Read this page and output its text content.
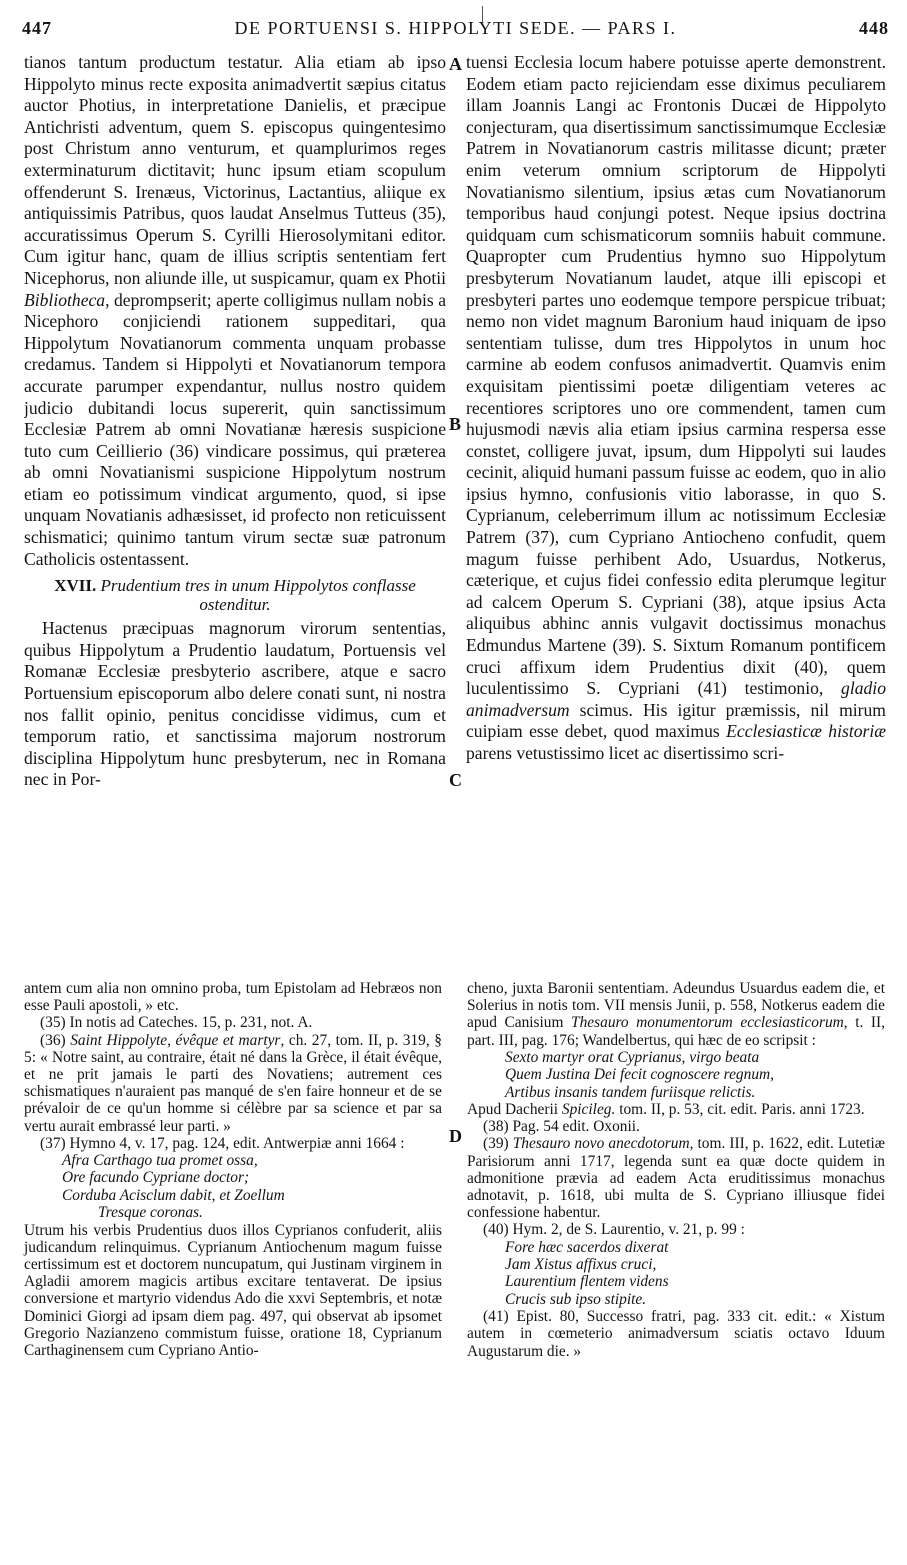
447	DE PORTUENSI S. HIPPOLYTI SEDE. — PARS I.	448

tianos tantum productum testatur. Alia etiam ab ipso Hippolyto minus recte exposita animadvertit sæpius citatus auctor Photius, in interpretatione Danielis, et præcipue Antichristi adventum, quem S. episcopus quingentesimo post Christum anno venturum, et quamplurimos reges exterminaturum dictitavit; hunc ipsum etiam scopulum offenderunt S. Irenæus, Victorinus, Lactantius, aliique ex antiquissimis Patribus, quos laudat Anselmus Tutteus (35), accuratissimus Operum S. Cyrilli Hierosolymitani editor. Cum igitur hanc, quam de illius scriptis sententiam fert Nicephorus, non aliunde ille, ut suspicamur, quam ex Photii Bibliotheca, deprompserit; aperte colligimus nullam nobis a Nicephoro conjiciendi rationem suppeditari, qua Hippolytum Novatianorum commenta unquam probasse credamus. Tandem si Hippolyti et Novatianorum tempora accurate parumper expendantur, nullus nostro quidem judicio dubitandi locus supererit, quin sanctissimum Ecclesiæ Patrem ab omni Novatianæ hæresis suspicione tuto cum Ceillierio (36) vindicare possimus, qui præterea ab omni Novatianismi suspicione Hippolytum nostrum etiam eo potissimum vindicat argumento, quod, si ipse unquam Novatianis adhæsisset, id profecto non reticuissent schismatici; quinimo tantum virum sectæ suæ patronum Catholicis ostentassent.

XVII. Prudentium tres in unum Hippolytos conflasse ostenditur.

Hactenus præcipuas magnorum virorum sententias, quibus Hippolytum a Prudentio laudatum, Portuensis vel Romanæ Ecclesiæ presbyterio ascribere, atque e sacro Portuensium episcoporum albo delere conati sunt, ni nostra nos fallit opinio, penitus concidisse vidimus, cum et temporum ratio, et sanctissima majorum nostrorum disciplina Hippolytum hunc presbyterum, nec in Romana nec in Por-

tuensi Ecclesia locum habere potuisse aperte demonstrent. Eodem etiam pacto rejiciendam esse diximus peculiarem illam Joannis Langi ac Frontonis Ducæi de Hippolyto conjecturam, qua disertissimum sanctissimumque Ecclesiæ Patrem in Novatianorum castris militasse dicunt; præter enim veterum omnium scriptorum de Hippolyti Novatianismo silentium, ipsius ætas cum Novatianorum temporibus haud conjungi potest. Neque ipsius doctrina quidquam cum schismaticorum somniis habuit commune. Quapropter cum Prudentius hymno suo Hippolytum presbyterum Novatianum laudet, atque illi episcopi et presbyteri partes uno eodemque tempore perspicue tribuat; nemo non videt magnum Baronium haud iniquam de ipso sententiam tulisse, dum tres Hippolytos in unum hoc carmine ab eodem confusos animadvertit. Quamvis enim exquisitam pientissimi poetæ diligentiam veteres ac recentiores scriptores uno ore commendent, tamen cum hujusmodi nævis alia etiam ipsius carmina respersa esse constet, colligere juvat, ipsum, dum Hippolyti sui laudes cecinit, aliquid humani passum fuisse ac eodem, quo in alio ipsius hymno, confusionis vitio laborasse, in quo S. Cyprianum, celeberrimum illum ac notissimum Ecclesiæ Patrem (37), cum Cypriano Antiocheno confudit, quem magum fuisse perhibent Ado, Usuardus, Notkerus, cæterique, et cujus fidei confessio edita plerumque legitur ad calcem Operum S. Cypriani (38), atque ipsius Acta aliquibus abhinc annis vulgavit doctissimus monachus Edmundus Martene (39). S. Sixtum Romanum pontificem cruci affixum idem Prudentius dixit (40), quem luculentissimo S. Cypriani (41) testimonio, gladio animadversum scimus. His igitur præmissis, nil mirum cuipiam esse debet, quod maximus Ecclesiasticæ historiæ parens vetustissimo licet ac disertissimo scri-

A
B
C
D

antem cum alia non omnino proba, tum Epistolam ad Hebræos non esse Pauli apostoli, » etc.

(35) In notis ad Cateches. 15, p. 231, not. A.

(36) Saint Hippolyte, évêque et martyr, ch. 27, tom. II, p. 319, § 5: « Notre saint, au contraire, était né dans la Grèce, il était évêque, et ne prit jamais le parti des Novatiens; autrement ces schismatiques n'auraient pas manqué de s'en faire honneur et de se prévaloir de ce qu'un homme si célèbre par sa science et par sa vertu aurait embrassé leur parti. »

(37) Hymno 4, v. 17, pag. 124, edit. Antwerpiæ anni 1664 :

Afra Carthago tua promet ossa,
Ore facundo Cypriane doctor;
Corduba Acisclum dabit, et Zoellum
Tresque coronas.

Utrum his verbis Prudentius duos illos Cyprianos confuderit, aliis judicandum relinquimus. Cyprianum Antiochenum magum fuisse certissimum est et doctorem nuncupatum, qui Justinam virginem in Agladii amorem magicis artibus excitare tentaverat. De ipsius conversione et martyrio videndus Ado die xxvi Septembris, et notæ Dominici Giorgi ad ipsam diem pag. 497, qui observat ab ipsomet Gregorio Nazianzeno commistum fuisse, oratione 18, Cyprianum Carthaginensem cum Cypriano Antio-

cheno, juxta Baronii sententiam. Adeundus Usuardus eadem die, et Solerius in notis tom. VII mensis Junii, p. 558, Notkerus eadem die apud Canisium Thesauro monumentorum ecclesiasticorum, t. II, part. III, pag. 176; Wandelbertus, qui hæc de eo scripsit :

Sexto martyr orat Cyprianus, virgo beata
Quem Justina Dei fecit cognoscere regnum,
Artibus insanis tandem furiisque relictis.

Apud Dacherii Spicileg. tom. II, p. 53, cit. edit. Paris. anni 1723.

(38) Pag. 54 edit. Oxonii.

(39) Thesauro novo anecdotorum, tom. III, p. 1622, edit. Lutetiæ Parisiorum anni 1717, legenda sunt ea quæ docte quidem in admonitione prævia ad eadem Acta eruditissimus monachus adnotavit, p. 1618, ubi multa de S. Cypriano illiusque fidei confessione habentur.

(40) Hym. 2, de S. Laurentio, v. 21, p. 99 :

Fore hæc sacerdos dixerat
Jam Xistus affixus cruci,
Laurentium flentem videns
Crucis sub ipso stipite.

(41) Epist. 80, Successo fratri, pag. 333 cit. edit.: « Xistum autem in cœmeterio animadversum sciatis octavo Iduum Augustarum die. »
